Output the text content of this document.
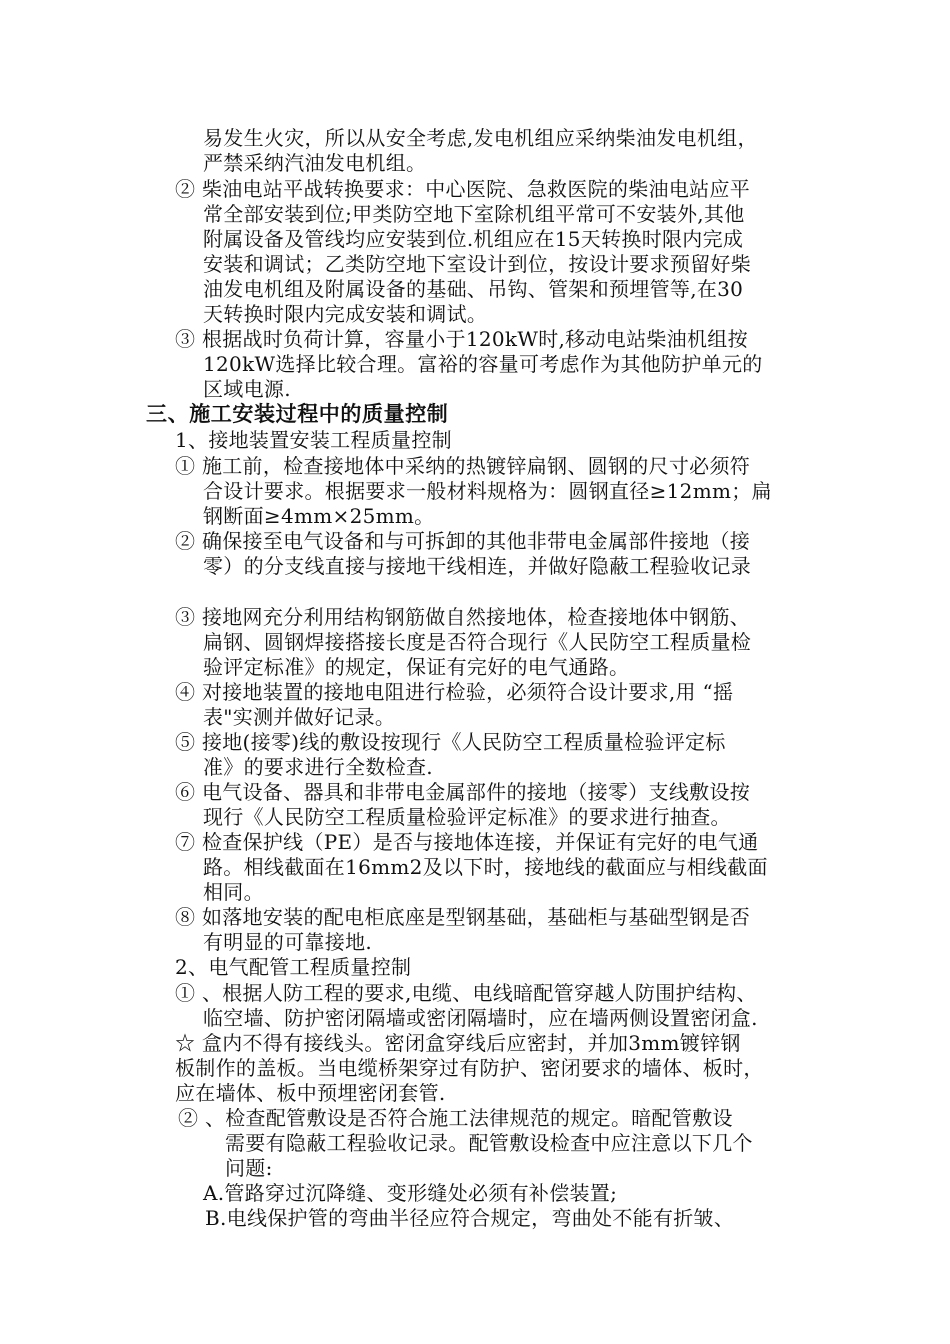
易发生火灾，所以从安全考虑,发电机组应采纳柴油发电机组，
严禁采纳汽油发电机组。
② 柴油电站平战转换要求：中心医院、急救医院的柴油电站应平
常全部安装到位;甲类防空地下室除机组平常可不安装外,其他
附属设备及管线均应安装到位.机组应在15天转换时限内完成
安装和调试；乙类防空地下室设计到位，按设计要求预留好柴
油发电机组及附属设备的基础、吊钩、管架和预埋管等,在30
天转换时限内完成安装和调试。
③ 根据战时负荷计算，容量小于120kW时,移动电站柴油机组按
120kW选择比较合理。富裕的容量可考虑作为其他防护单元的
区域电源.
三、施工安装过程中的质量控制
1、接地装置安装工程质量控制
① 施工前，检查接地体中采纳的热镀锌扁钢、圆钢的尺寸必须符
合设计要求。根据要求一般材料规格为：圆钢直径≥12mm；扁
钢断面≥4mm×25mm。
② 确保接至电气设备和与可拆卸的其他非带电金属部件接地（接
零）的分支线直接与接地干线相连，并做好隐蔽工程验收记录
③ 接地网充分利用结构钢筋做自然接地体，检查接地体中钢筋、
扁钢、圆钢焊接搭接长度是否符合现行《人民防空工程质量检
验评定标准》的规定，保证有完好的电气通路。
④ 对接地装置的接地电阻进行检验，必须符合设计要求,用 “摇
表"实测并做好记录。
⑤ 接地(接零)线的敷设按现行《人民防空工程质量检验评定标
准》的要求进行全数检查.
⑥ 电气设备、器具和非带电金属部件的接地（接零）支线敷设按
现行《人民防空工程质量检验评定标准》的要求进行抽查。
⑦ 检查保护线（PE）是否与接地体连接，并保证有完好的电气通
路。相线截面在16mm2及以下时，接地线的截面应与相线截面
相同。
⑧ 如落地安装的配电柜底座是型钢基础，基础柜与基础型钢是否
有明显的可靠接地.
2、电气配管工程质量控制
① 、根据人防工程的要求,电缆、电线暗配管穿越人防围护结构、
临空墙、防护密闭隔墙或密闭隔墙时，应在墙两侧设置密闭盒.
☆ 盒内不得有接线头。密闭盒穿线后应密封，并加3mm镀锌钢
板制作的盖板。当电缆桥架穿过有防护、密闭要求的墙体、板时，
应在墙体、板中预埋密闭套管.
② 、检查配管敷设是否符合施工法律规范的规定。暗配管敷设
需要有隐蔽工程验收记录。配管敷设检查中应注意以下几个
问题:
A.管路穿过沉降缝、变形缝处必须有补偿装置;
B.电线保护管的弯曲半径应符合规定，弯曲处不能有折皱、
